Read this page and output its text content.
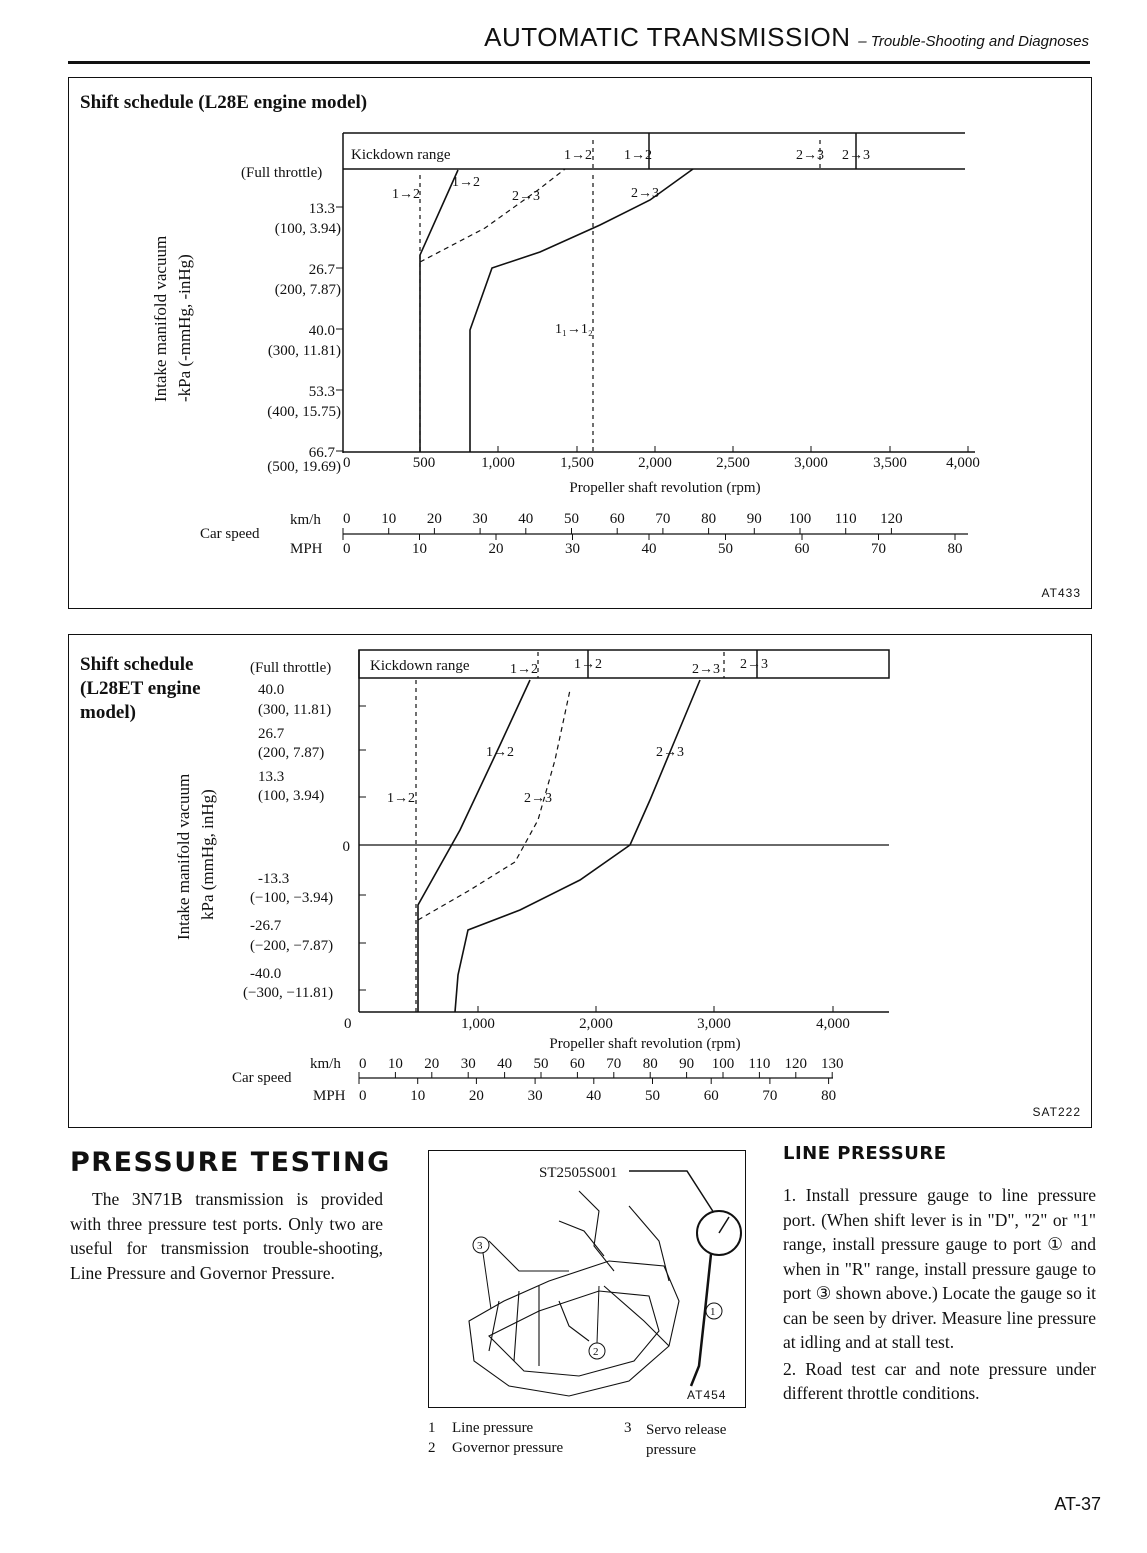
AUTOMATIC TRANSMISSION – Trouble-Shooting and Diagnoses
Shift schedule (L28E engine model)
AT433
Intake manifold vacuum -kPa (-mmHg, -inHg)
Kickdown range	1→2 1→2	2→3 2→3
(Full throttle)
13.3
(100, 3.94)
26.7
(200, 7.87)
40.0
(300, 11.81)
53.3
(400, 15.75)
66.7
(500, 19.69) 0	500	1,000	1,500	2,000	2,500	3,000	3,500	4,000
Propeller shaft revolution (rpm)
1→2
1→2
2→3	2→3
1₁→1₂
Car speed
km/h
MPH
0 10 20 30 40 50 60 70 80 90 100 110 120
0	10	20	30	40	50	60	70	80
Shift schedule
(L28ET engine
model)
SAT222
Intake manifold vacuum kPa (mmHg, inHg)
Kickdown range	1→2	1→2	2→3 2→3
(Full throttle)
40.0
(300, 11.81)
26.7
(200, 7.87)
13.3
(100, 3.94)
0
-13.3
(−100, −3.94)
-26.7
(−200, −7.87)
-40.0
(−300, −11.81)
0	1,000	2,000	3,000	4,000
Propeller shaft revolution (rpm)
1→2
1→2
2→3
2→3
Car speed
km/h
MPH
0 10 20 30 40 50 60 70 80 90 100 110 120 130
0	10	20	30	40	50	60	70	80
PRESSURE TESTING

The 3N71B transmission is provided with three pressure test ports. Only two are useful for transmission trouble-shooting, Line Pressure and Governor Pressure.

ST2505S001
3
1
2
AT454
1 Line pressure
2 Governor pressure
3 Servo release pressure
LINE PRESSURE
1. Install pressure gauge to line pressure port. (When shift lever is in "D", "2" or "1" range, install pressure gauge to port ① and when in "R" range, install pressure gauge to port ③ shown above.) Locate the gauge so it can be seen by driver. Measure line pressure at idling and at stall test.
2. Road test car and note pressure under different throttle conditions.
AT-37
